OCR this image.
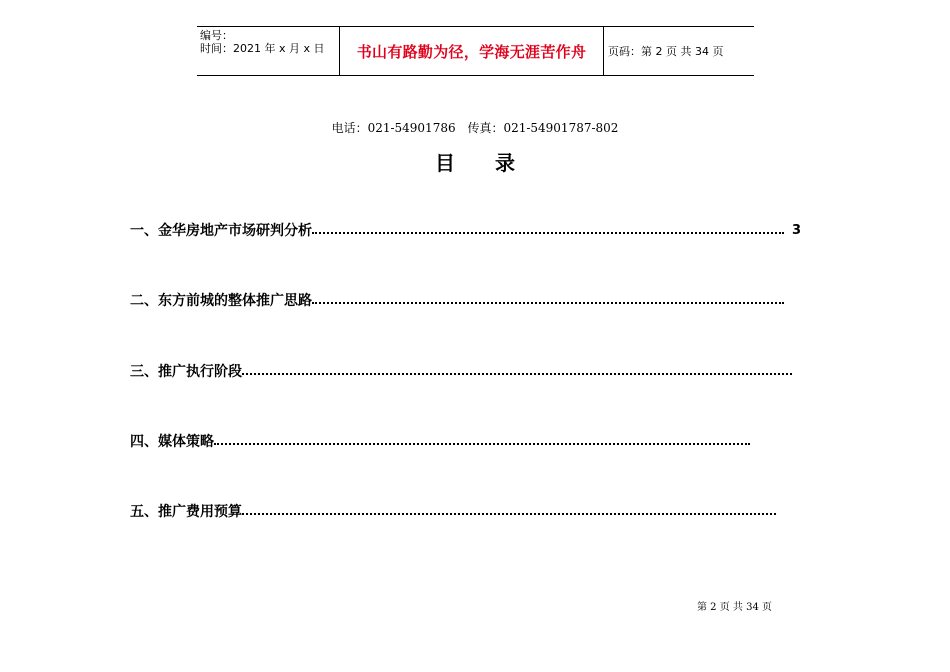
编号：
时间：2021 年 x 月 x 日	书山有路勤为径，学海无涯苦作舟 页码：第 2 页 共 34 页
电话：021-54901786 传真：021-54901787-802
目 录
一、金华房地产市场研判分析	3
二、东方前城的整体推广思路
三、推广执行阶段
四、媒体策略
五、推广费用预算
第 2 页 共 34 页
